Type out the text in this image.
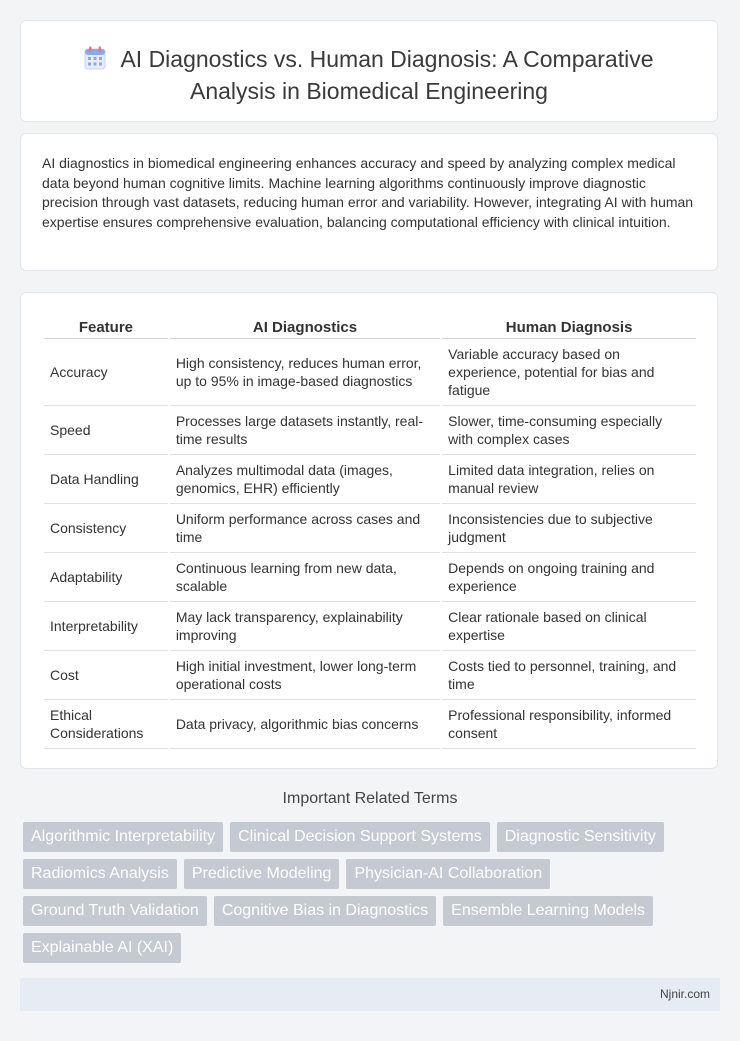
AI Diagnostics vs. Human Diagnosis: A Comparative
Analysis in Biomedical Engineering

AI diagnostics in biomedical engineering enhances accuracy and speed by analyzing complex medical data beyond human cognitive limits. Machine learning algorithms continuously improve diagnostic precision through vast datasets, reducing human error and variability. However, integrating AI with human expertise ensures comprehensive evaluation, balancing computational efficiency with clinical intuition.

Feature	AI Diagnostics	Human Diagnosis
Accuracy	High consistency, reduces human error, up to 95% in image-based diagnostics	Variable accuracy based on experience, potential for bias and fatigue
Speed	Processes large datasets instantly, real-time results	Slower, time-consuming especially with complex cases
Data Handling	Analyzes multimodal data (images, genomics, EHR) efficiently	Limited data integration, relies on manual review
Consistency	Uniform performance across cases and time	Inconsistencies due to subjective judgment
Adaptability	Continuous learning from new data, scalable	Depends on ongoing training and experience
Interpretability	May lack transparency, explainability improving	Clear rationale based on clinical expertise
Cost	High initial investment, lower long-term operational costs	Costs tied to personnel, training, and time
Ethical Considerations	Data privacy, algorithmic bias concerns	Professional responsibility, informed consent
Important Related Terms
Algorithmic Interpretability	Clinical Decision Support Systems	Diagnostic Sensitivity
Radiomics Analysis	Predictive Modeling	Physician-AI Collaboration
Ground Truth Validation	Cognitive Bias in Diagnostics	Ensemble Learning Models
Explainable AI (XAI)
Njnir.com
